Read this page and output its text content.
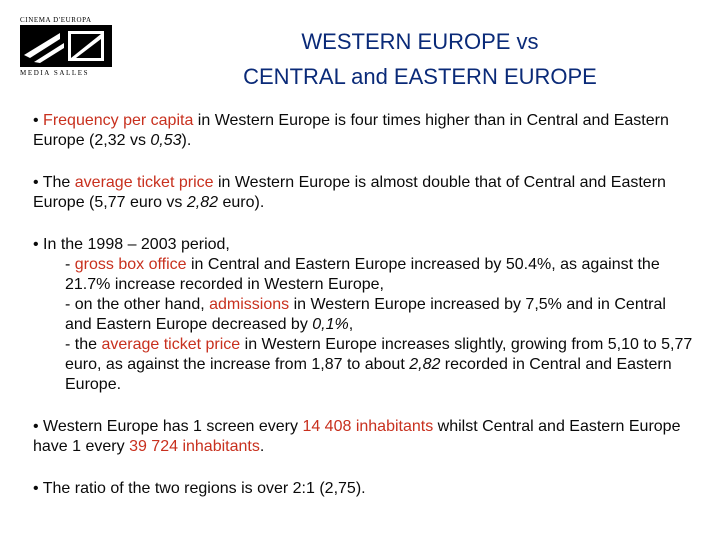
CINEMA D'EUROPA
MEDIA SALLES
WESTERN EUROPE vs
CENTRAL and EASTERN EUROPE
• Frequency per capita in Western Europe is four times higher than in Central and Eastern Europe (2,32 vs 0,53).
• The average ticket price in Western Europe is almost double that of Central and Eastern Europe (5,77 euro vs 2,82 euro).
• In the 1998 – 2003 period,
- gross box office in Central and Eastern Europe increased by 50.4%, as against the 21.7% increase recorded in Western Europe,
- on the other hand, admissions in Western Europe increased by 7,5% and in Central and Eastern Europe decreased by 0,1%,
- the average ticket price in Western Europe increases slightly, growing from 5,10 to 5,77 euro, as against the increase from 1,87 to about 2,82 recorded in Central and Eastern Europe.
• Western Europe has 1 screen every 14 408 inhabitants whilst Central and Eastern Europe have 1 every 39 724 inhabitants.
• The ratio of the two regions is over 2:1 (2,75).
